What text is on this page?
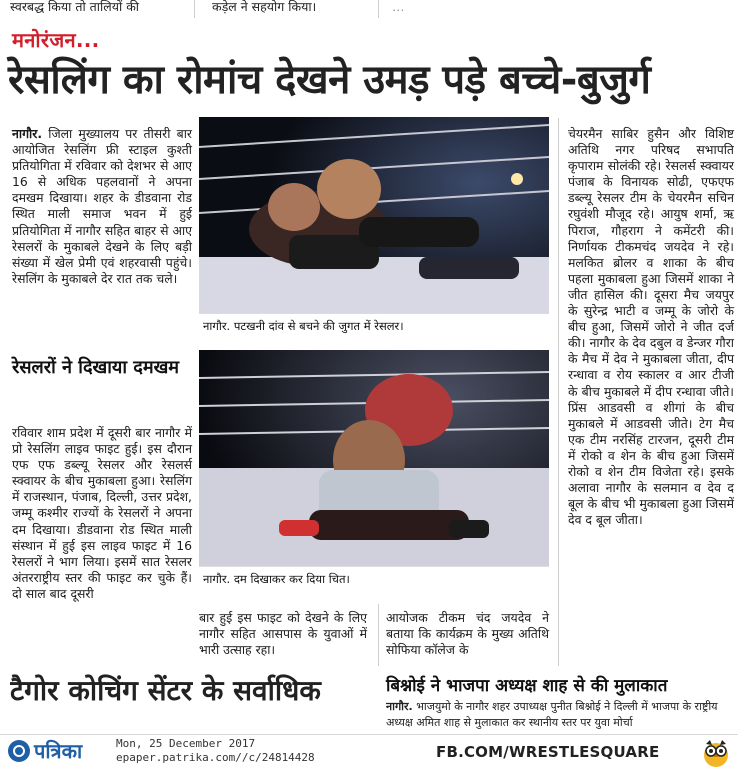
स्वरबद्ध किया तो तालियों की	कड़ेल ने सहयोग किया।	…
मनोरंजन...
रेसलिंग का रोमांच देखने उमड़ पड़े बच्चे-बुजुर्ग

नागौर. जिला मुख्यालय पर तीसरी बार आयोजित रेसलिंग फ्री स्टाइल कुश्ती प्रतियोगिता में रविवार को देशभर से आए 16 से अधिक पहलवानों ने अपना दमखम दिखाया। शहर के डीडवाना रोड स्थित माली समाज भवन में हुई प्रतियोगिता में नागौर सहित बाहर से आए रेसलरों के मुकाबले देखने के लिए बड़ी संख्या में खेल प्रेमी एवं शहरवासी पहुंचे। रेसलिंग के मुकाबले देर रात तक चले।

रेसलरों ने दिखाया दमखम

रविवार शाम प्रदेश में दूसरी बार नागौर में प्रो रेसलिंग लाइव फाइट हुई। इस दौरान एफ एफ डब्ल्यू रेसलर और रेसलर्स स्क्वायर के बीच मुकाबला हुआ। रेसलिंग में राजस्थान, पंजाब, दिल्ली, उत्तर प्रदेश, जम्मू कश्मीर राज्यों के रेसलरों ने अपना दम दिखाया। डीडवाना रोड स्थित माली संस्थान में हुई इस लाइव फाइट में 16 रेसलरों ने भाग लिया। इसमें सात रेसलर अंतरराष्ट्रीय स्तर की फाइट कर चुके हैं। दो साल बाद दूसरी

नागौर. पटखनी दांव से बचने की जुगत में रेसलर।
नागौर. दम दिखाकर कर दिया चित।

बार हुई इस फाइट को देखने के लिए नागौर सहित आसपास के युवाओं में भारी उत्साह रहा।

आयोजक टीकम चंद जयदेव ने बताया कि कार्यक्रम के मुख्य अतिथि सोफिया कॉलेज के

चेयरमैन साबिर हुसैन और विशिष्ट अतिथि नगर परिषद सभापति कृपाराम सोलंकी रहे। रेसलर्स स्क्वायर पंजाब के विनायक सोढी, एफएफ डब्ल्यू रेसलर टीम के चेयरमैन सचिन रघुवंशी मौजूद रहे। आयुष शर्मा, ऋ पिराज, गौहराग ने कमेंटरी की। निर्णायक टीकमचंद जयदेव ने रहे। मलकित ब्रोलर व शाका के बीच पहला मुकाबला हुआ जिसमें शाका ने जीत हासिल की। दूसरा मैच जयपुर के सुरेन्द्र भाटी व जम्मू के जोरो के बीच हुआ, जिसमें जोरो ने जीत दर्ज की। नागौर के देव दबुल व डेन्जर गौरा के मैच में देव ने मुकाबला जीता, दीप रन्धावा व रोय स्कालर व आर टीजी के बीच मुकाबले में दीप रन्धावा जीते। प्रिंस आडवसी व शीगां के बीच मुकाबले में आडवसी जीते। टेग मैच एक टीम नरसिंह टारजन, दूसरी टीम में रोको व शेन के बीच हुआ जिसमें रोको व शेन टीम विजेता रहे। इसके अलावा नागौर के सलमान व देव द बूल के बीच भी मुकाबला हुआ जिसमें देव द बूल जीता।

टैगोर कोचिंग सेंटर के सर्वाधिक	बिश्नोई ने भाजपा अध्यक्ष शाह से की मुलाकात
नागौर. भाजयुमो के नागौर शहर उपाध्यक्ष पुनीत बिश्नोई ने दिल्ली में भाजपा के राष्ट्रीय अध्यक्ष अमित शाह से मुलाकात कर स्थानीय स्तर पर युवा मोर्चा
पत्रिका	Mon, 25 December 2017
epaper.patrika.com//c/24814428	FB.COM/WRESTLESQUARE
